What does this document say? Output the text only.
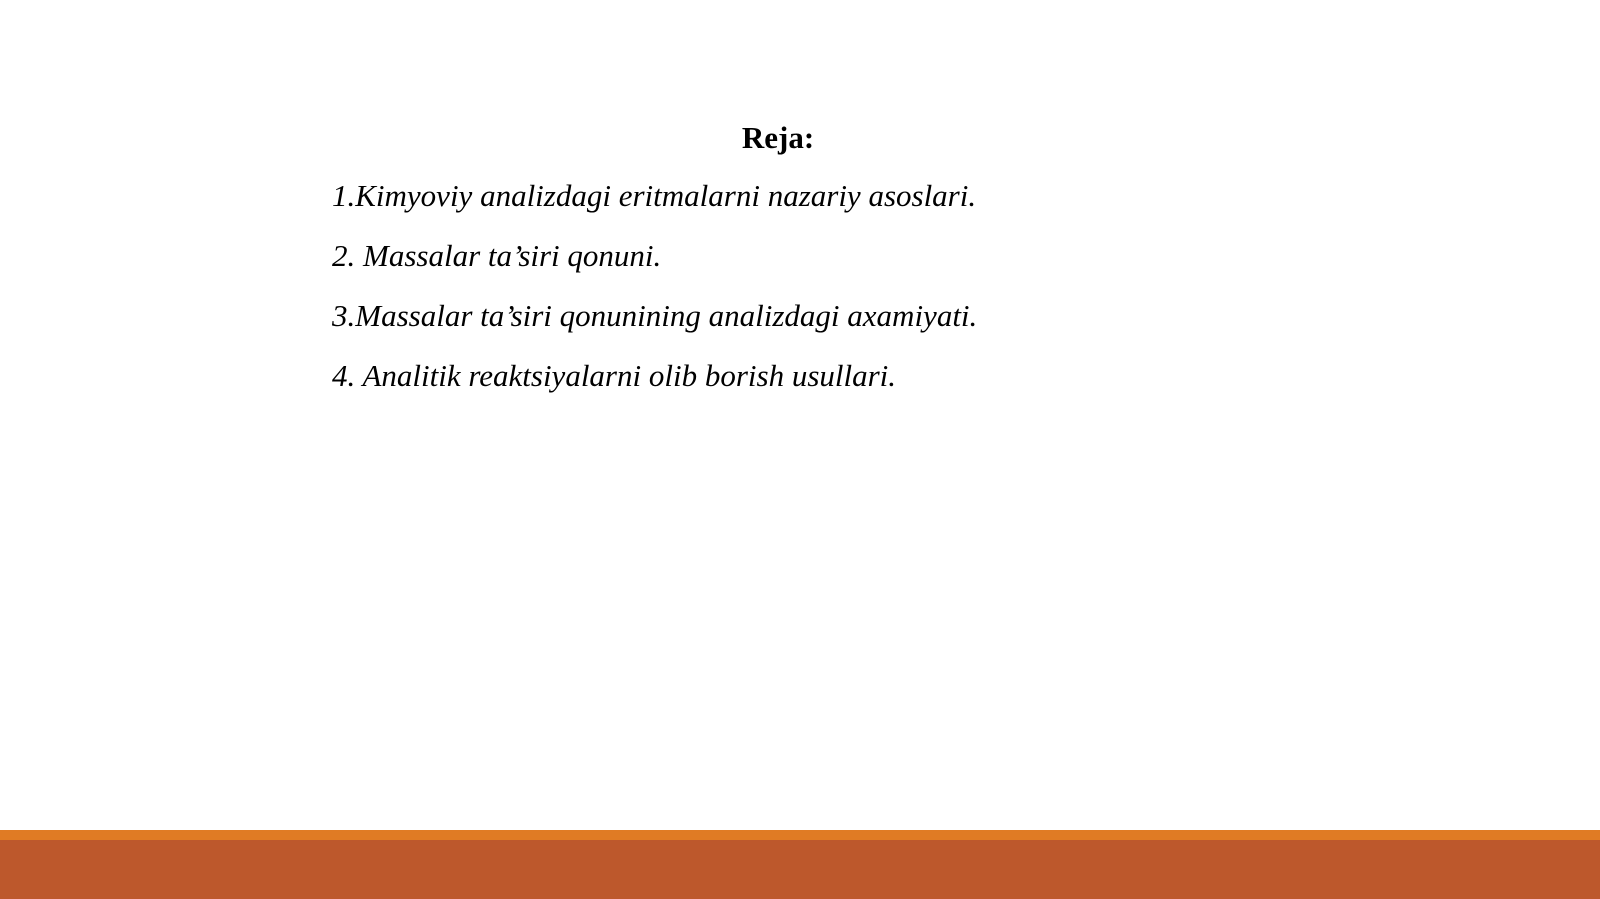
Reja:
1.Kimyoviy analizdagi eritmalarni nazariy asoslari.
2. Massalar ta’siri qonuni.
3.Massalar ta’siri qonunining analizdagi axamiyati.
4. Analitik reaktsiyalarni olib borish usullari.
